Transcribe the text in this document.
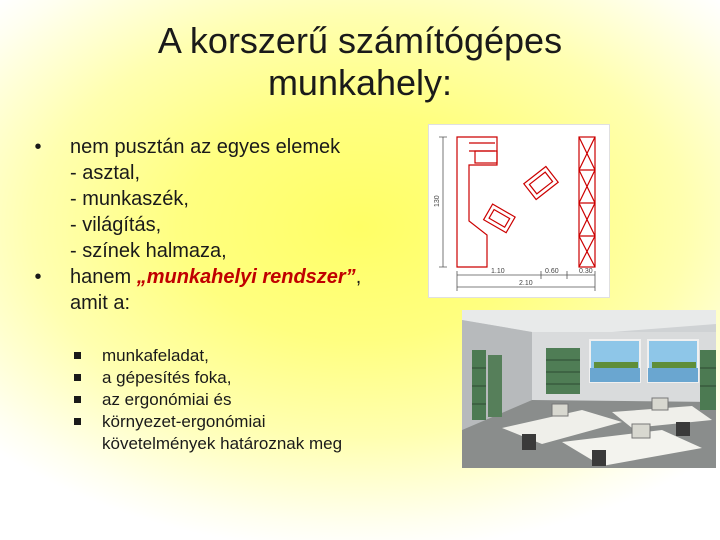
A korszerű számítógépes
munkahely:
•	nem pusztán az egyes elemek
- asztal,
- munkaszék,
- világítás,
- színek halmaza,
•	hanem „munkahelyi rendszer”,
amit a:
munkafeladat,
a gépesítés foka,
az ergonómiai és
környezet-ergonómiai
követelmények határoznak meg
130
1.10	0.60	0.30
2.10
